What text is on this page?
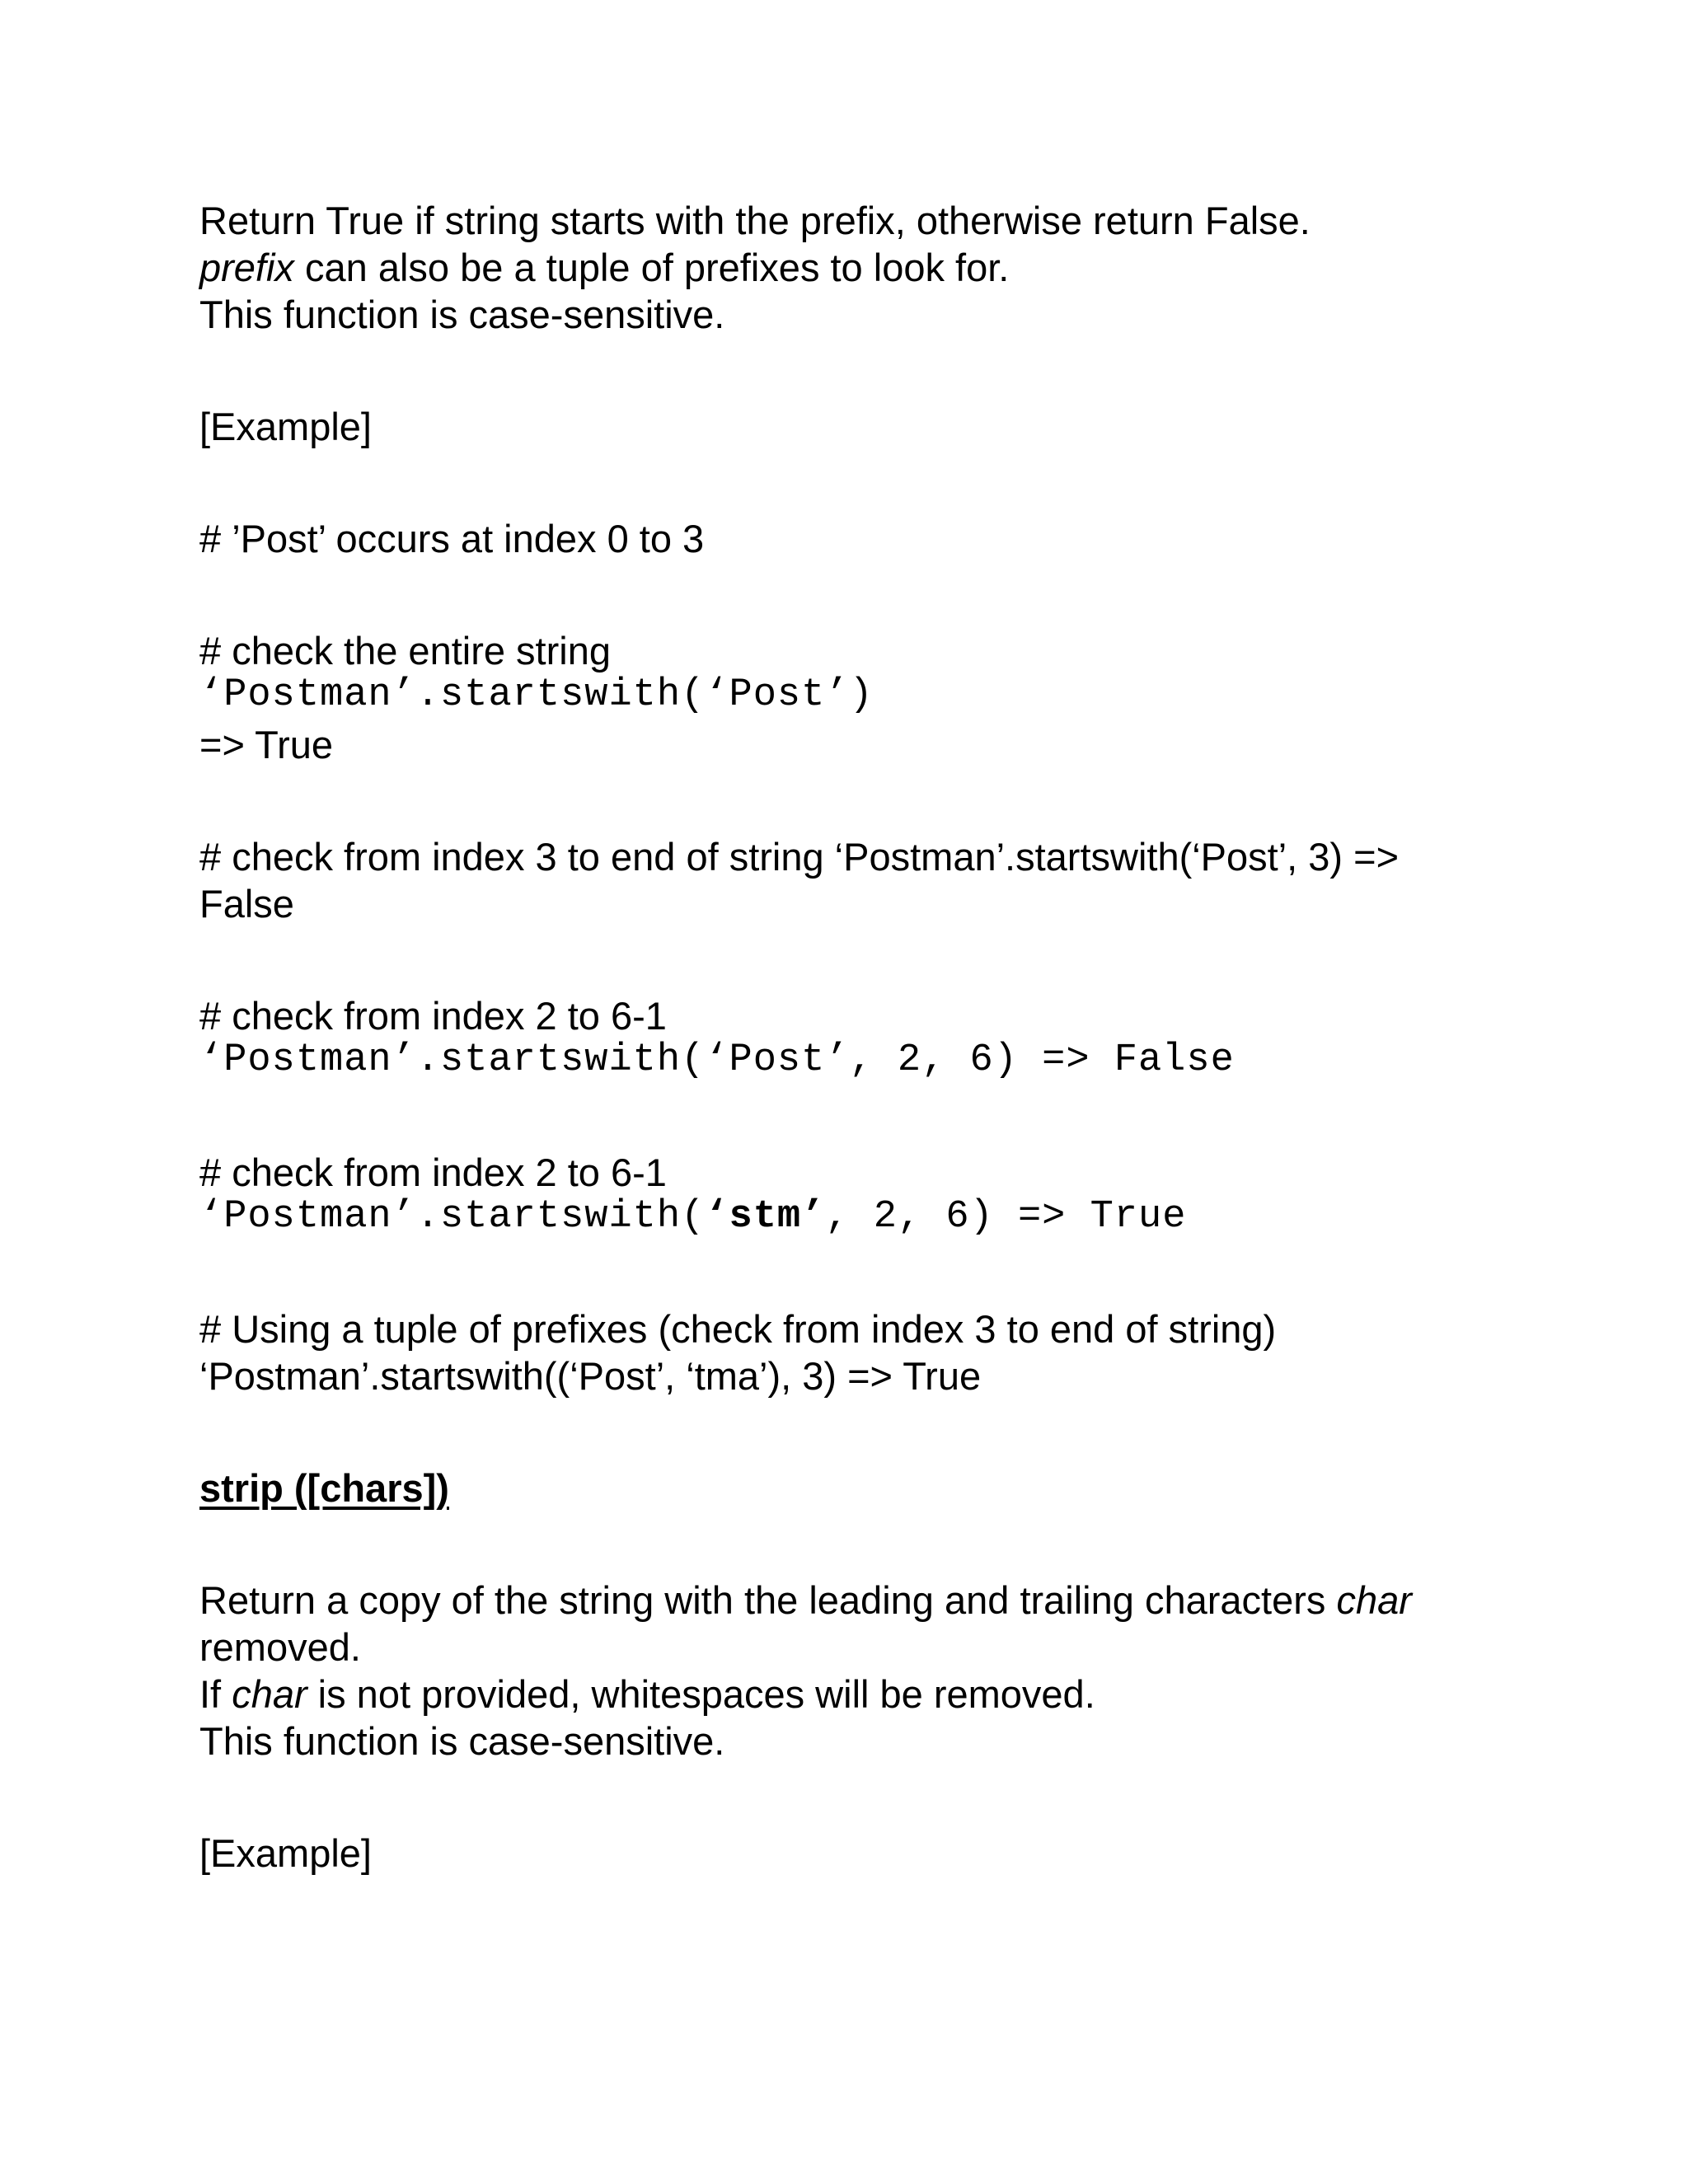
Return True if string starts with the prefix, otherwise return False.
prefix can also be a tuple of prefixes to look for.
This function is case-sensitive.
[Example]
# ’Post’ occurs at index 0 to 3
# check the entire string
‘Postman’.startswith(‘Post’)
=> True
# check from index 3 to end of string ‘Postman’.startswith(‘Post’, 3) =>
False
# check from index 2 to 6-1
‘Postman’.startswith(‘Post’, 2, 6) => False
# check from index 2 to 6-1
‘Postman’.startswith(‘stm’, 2, 6) => True
# Using a tuple of prefixes (check from index 3 to end of string)
‘Postman’.startswith((‘Post’, ‘tma’), 3) => True
strip ([chars])
Return a copy of the string with the leading and trailing characters char
removed.
If char is not provided, whitespaces will be removed.
This function is case-sensitive.
[Example]
